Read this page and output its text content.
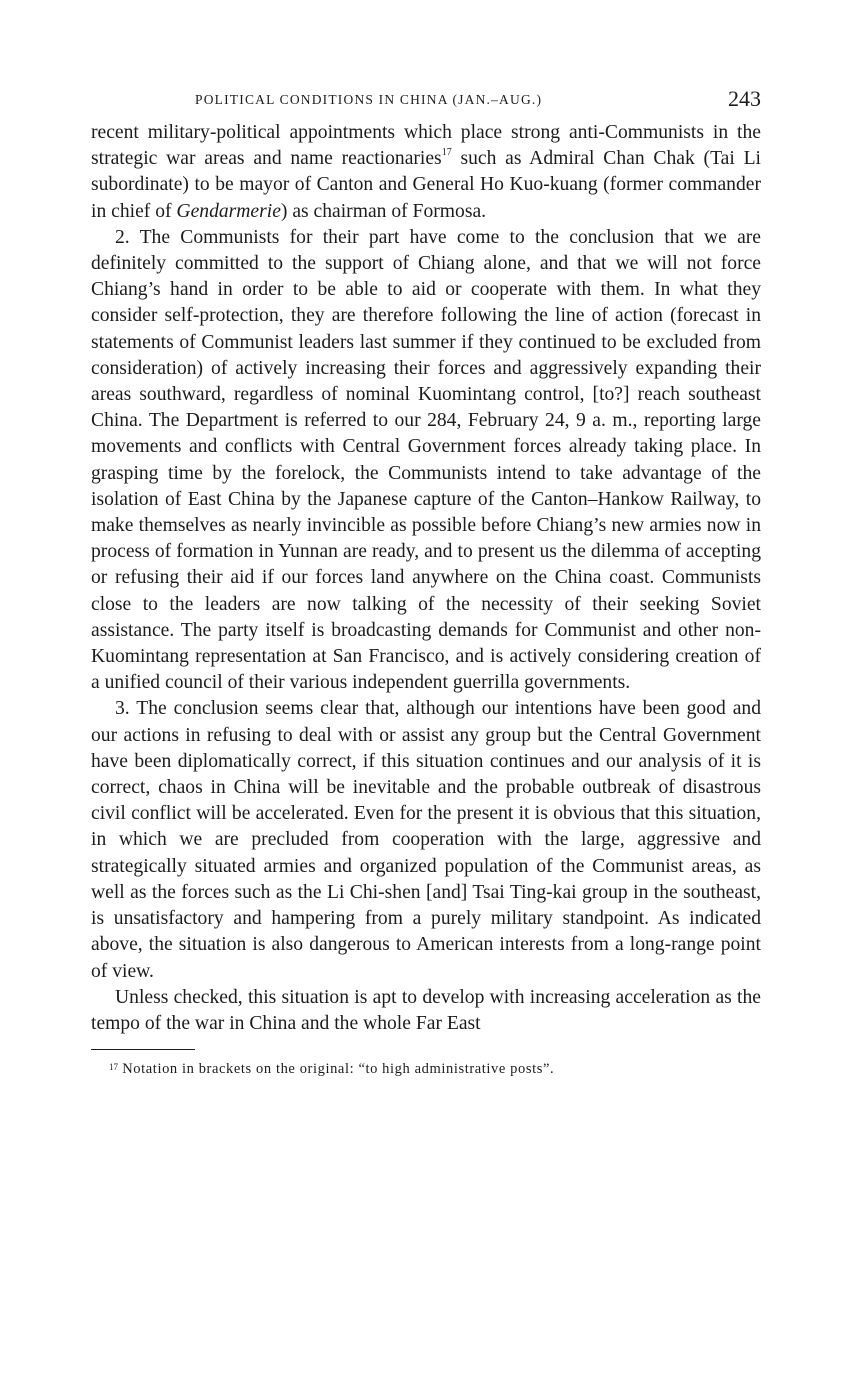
POLITICAL CONDITIONS IN CHINA (JAN.–AUG.)	243

recent military-political appointments which place strong anti-Communists in the strategic war areas and name reactionaries$^{17}$ such as Admiral Chan Chak (Tai Li subordinate) to be mayor of Canton and General Ho Kuo-kuang (former commander in chief of Gendarmerie) as chairman of Formosa.

2. The Communists for their part have come to the conclusion that we are definitely committed to the support of Chiang alone, and that we will not force Chiang’s hand in order to be able to aid or cooperate with them. In what they consider self-protection, they are therefore following the line of action (forecast in statements of Communist leaders last summer if they continued to be excluded from consideration) of actively increasing their forces and aggressively expanding their areas southward, regardless of nominal Kuomintang control, [to?] reach southeast China. The Department is referred to our 284, February 24, 9 a. m., reporting large movements and conflicts with Central Government forces already taking place. In grasping time by the forelock, the Communists intend to take advantage of the isolation of East China by the Japanese capture of the Canton–Hankow Railway, to make themselves as nearly invincible as possible before Chiang’s new armies now in process of formation in Yunnan are ready, and to present us the dilemma of accepting or refusing their aid if our forces land anywhere on the China coast. Communists close to the leaders are now talking of the necessity of their seeking Soviet assistance. The party itself is broadcasting demands for Communist and other non-Kuomintang representation at San Francisco, and is actively considering creation of a unified council of their various independent guerrilla governments.

3. The conclusion seems clear that, although our intentions have been good and our actions in refusing to deal with or assist any group but the Central Government have been diplomatically correct, if this situation continues and our analysis of it is correct, chaos in China will be inevitable and the probable outbreak of disastrous civil conflict will be accelerated. Even for the present it is obvious that this situation, in which we are precluded from cooperation with the large, aggressive and strategically situated armies and organized population of the Communist areas, as well as the forces such as the Li Chi-shen [and] Tsai Ting-kai group in the southeast, is unsatisfactory and hampering from a purely military standpoint. As indicated above, the situation is also dangerous to American interests from a long-range point of view.

Unless checked, this situation is apt to develop with increasing acceleration as the tempo of the war in China and the whole Far East

$^{17}$ Notation in brackets on the original: “to high administrative posts”.
